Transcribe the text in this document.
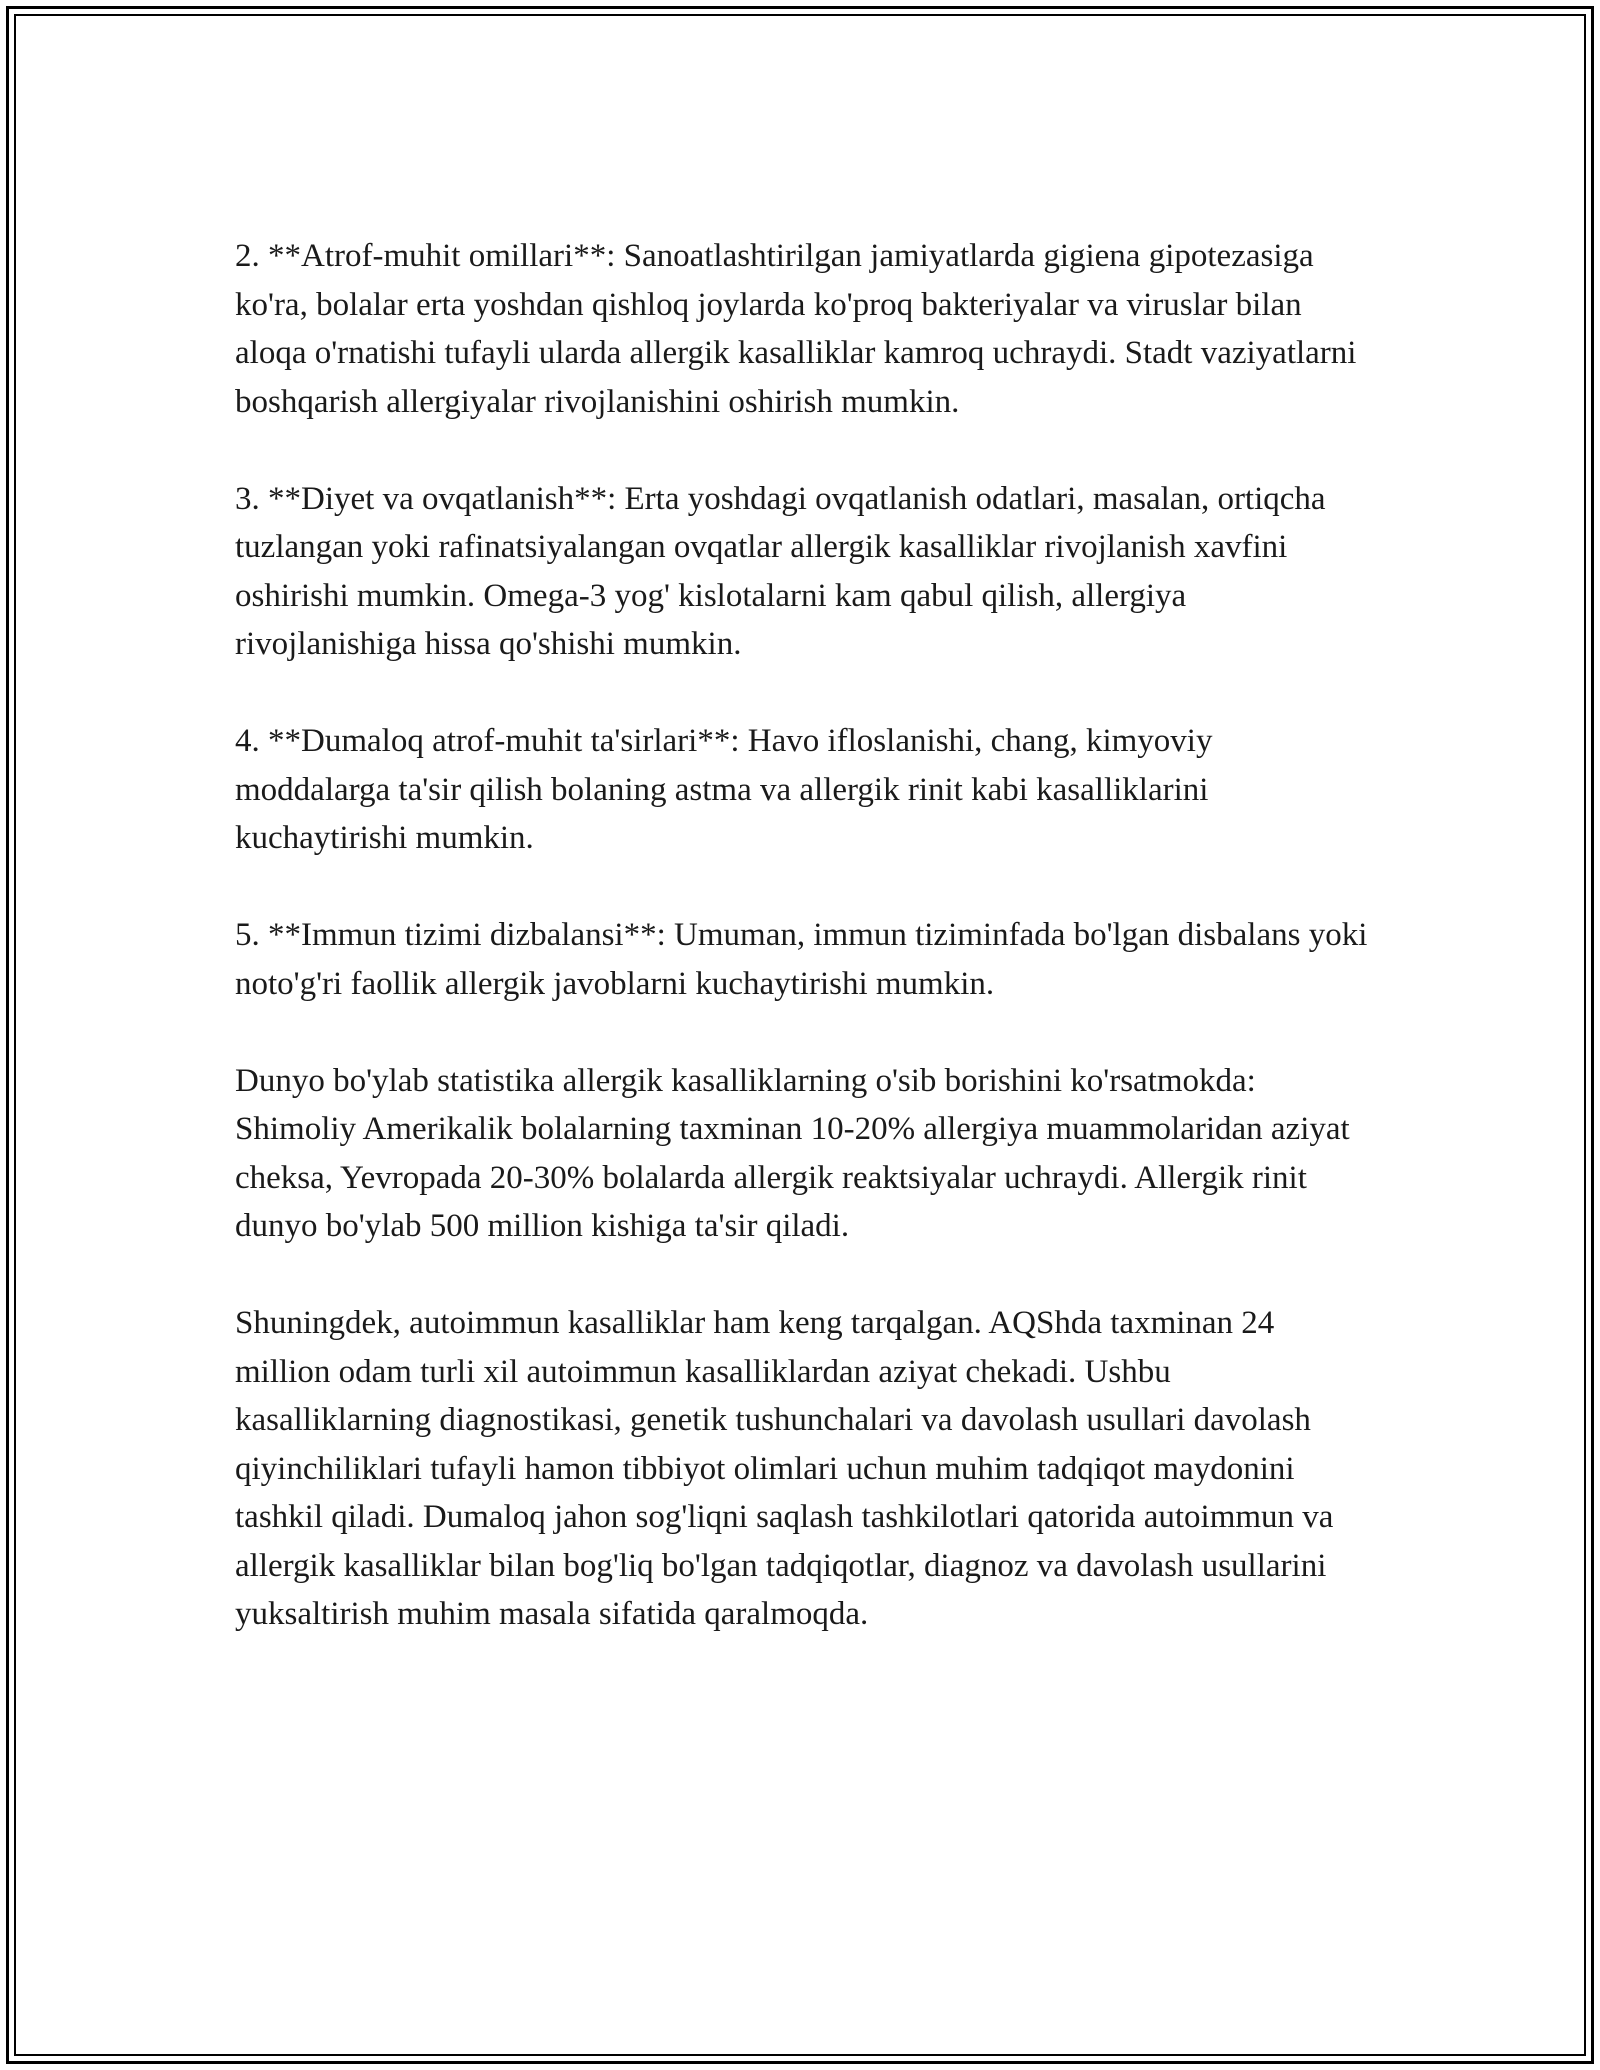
2. **Atrof-muhit omillari**: Sanoatlashtirilgan jamiyatlarda gigiena gipotezasiga ko'ra, bolalar erta yoshdan qishloq joylarda ko'proq bakteriyalar va viruslar bilan aloqa o'rnatishi tufayli ularda allergik kasalliklar kamroq uchraydi. Stadt vaziyatlarni boshqarish allergiyalar rivojlanishini oshirish mumkin.

3. **Diyet va ovqatlanish**: Erta yoshdagi ovqatlanish odatlari, masalan, ortiqcha tuzlangan yoki rafinatsiyalangan ovqatlar allergik kasalliklar rivojlanish xavfini oshirishi mumkin. Omega-3 yog' kislotalarni kam qabul qilish, allergiya rivojlanishiga hissa qo'shishi mumkin.

4. **Dumaloq atrof-muhit ta'sirlari**: Havo ifloslanishi, chang, kimyoviy moddalarga ta'sir qilish bolaning astma va allergik rinit kabi kasalliklarini kuchaytirishi mumkin.

5. **Immun tizimi dizbalansi**: Umuman, immun tiziminfada bo'lgan disbalans yoki noto'g'ri faollik allergik javoblarni kuchaytirishi mumkin.

Dunyo bo'ylab statistika allergik kasalliklarning o'sib borishini ko'rsatmokda: Shimoliy Amerikalik bolalarning taxminan 10-20% allergiya muammolaridan aziyat cheksa, Yevropada 20-30% bolalarda allergik reaktsiyalar uchraydi. Allergik rinit dunyo bo'ylab 500 million kishiga ta'sir qiladi.

Shuningdek, autoimmun kasalliklar ham keng tarqalgan. AQShda taxminan 24 million odam turli xil autoimmun kasalliklardan aziyat chekadi. Ushbu kasalliklarning diagnostikasi, genetik tushunchalari va davolash usullari davolash qiyinchiliklari tufayli hamon tibbiyot olimlari uchun muhim tadqiqot maydonini tashkil qiladi. Dumaloq jahon sog'liqni saqlash tashkilotlari qatorida autoimmun va allergik kasalliklar bilan bog'liq bo'lgan tadqiqotlar, diagnoz va davolash usullarini yuksaltirish muhim masala sifatida qaralmoqda.
